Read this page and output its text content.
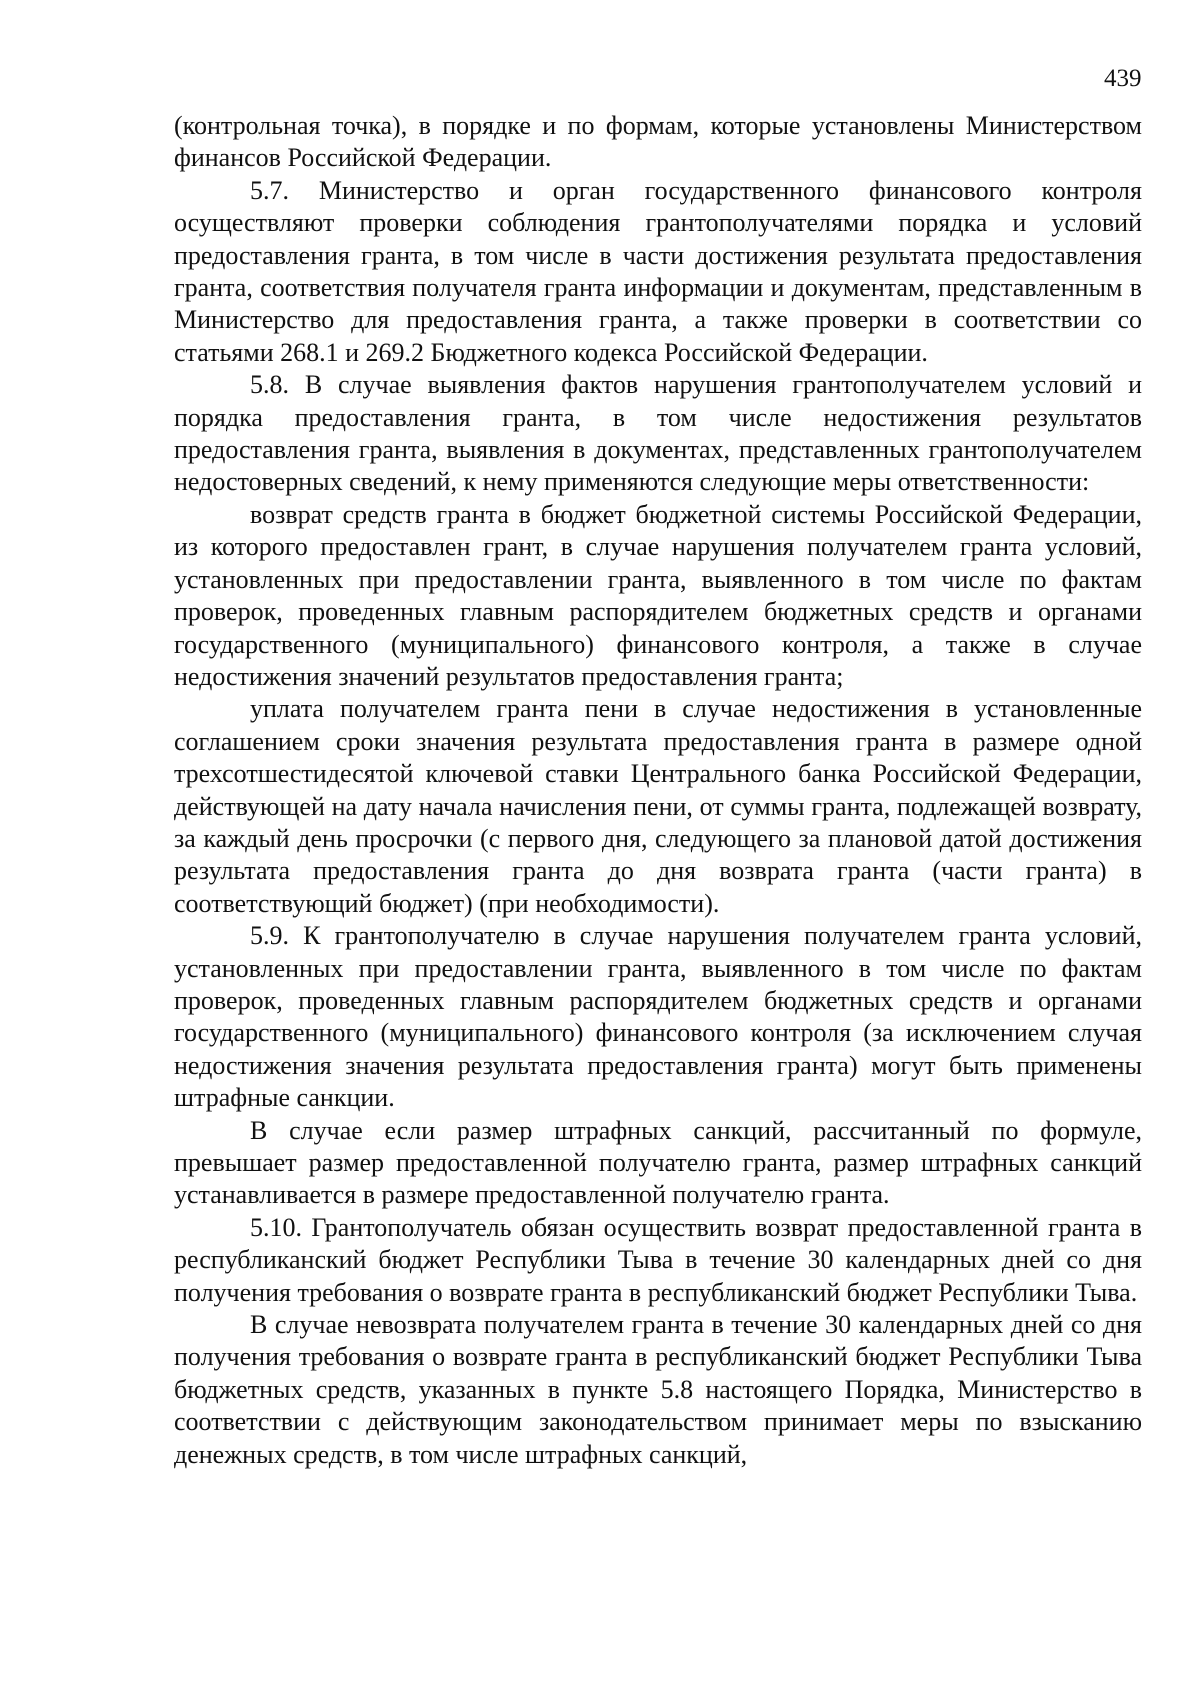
439

(контрольная точка), в порядке и по формам, которые установлены Министерством финансов Российской Федерации.

5.7. Министерство и орган государственного финансового контроля осуществляют проверки соблюдения грантополучателями порядка и условий предоставления гранта, в том числе в части достижения результата предоставления гранта, соответствия получателя гранта информации и документам, представленным в Министерство для предоставления гранта, а также проверки в соответствии со статьями 268.1 и 269.2 Бюджетного кодекса Российской Федерации.

5.8. В случае выявления фактов нарушения грантополучателем условий и порядка предоставления гранта, в том числе недостижения результатов предоставления гранта, выявления в документах, представленных грантополучателем недостоверных сведений, к нему применяются следующие меры ответственности:

возврат средств гранта в бюджет бюджетной системы Российской Федерации, из которого предоставлен грант, в случае нарушения получателем гранта условий, установленных при предоставлении гранта, выявленного в том числе по фактам проверок, проведенных главным распорядителем бюджетных средств и органами государственного (муниципального) финансового контроля, а также в случае недостижения значений результатов предоставления гранта;

уплата получателем гранта пени в случае недостижения в установленные соглашением сроки значения результата предоставления гранта в размере одной трехсотшестидесятой ключевой ставки Центрального банка Российской Федерации, действующей на дату начала начисления пени, от суммы гранта, подлежащей возврату, за каждый день просрочки (с первого дня, следующего за плановой датой достижения результата предоставления гранта до дня возврата гранта (части гранта) в соответствующий бюджет) (при необходимости).

5.9. К грантополучателю в случае нарушения получателем гранта условий, установленных при предоставлении гранта, выявленного в том числе по фактам проверок, проведенных главным распорядителем бюджетных средств и органами государственного (муниципального) финансового контроля (за исключением случая недостижения значения результата предоставления гранта) могут быть применены штрафные санкции.

В случае если размер штрафных санкций, рассчитанный по формуле, превышает размер предоставленной получателю гранта, размер штрафных санкций устанавливается в размере предоставленной получателю гранта.

5.10. Грантополучатель обязан осуществить возврат предоставленной гранта в республиканский бюджет Республики Тыва в течение 30 календарных дней со дня получения требования о возврате гранта в республиканский бюджет Республики Тыва.

В случае невозврата получателем гранта в течение 30 календарных дней со дня получения требования о возврате гранта в республиканский бюджет Республики Тыва бюджетных средств, указанных в пункте 5.8 настоящего Порядка, Министерство в соответствии с действующим законодательством принимает меры по взысканию денежных средств, в том числе штрафных санкций,
